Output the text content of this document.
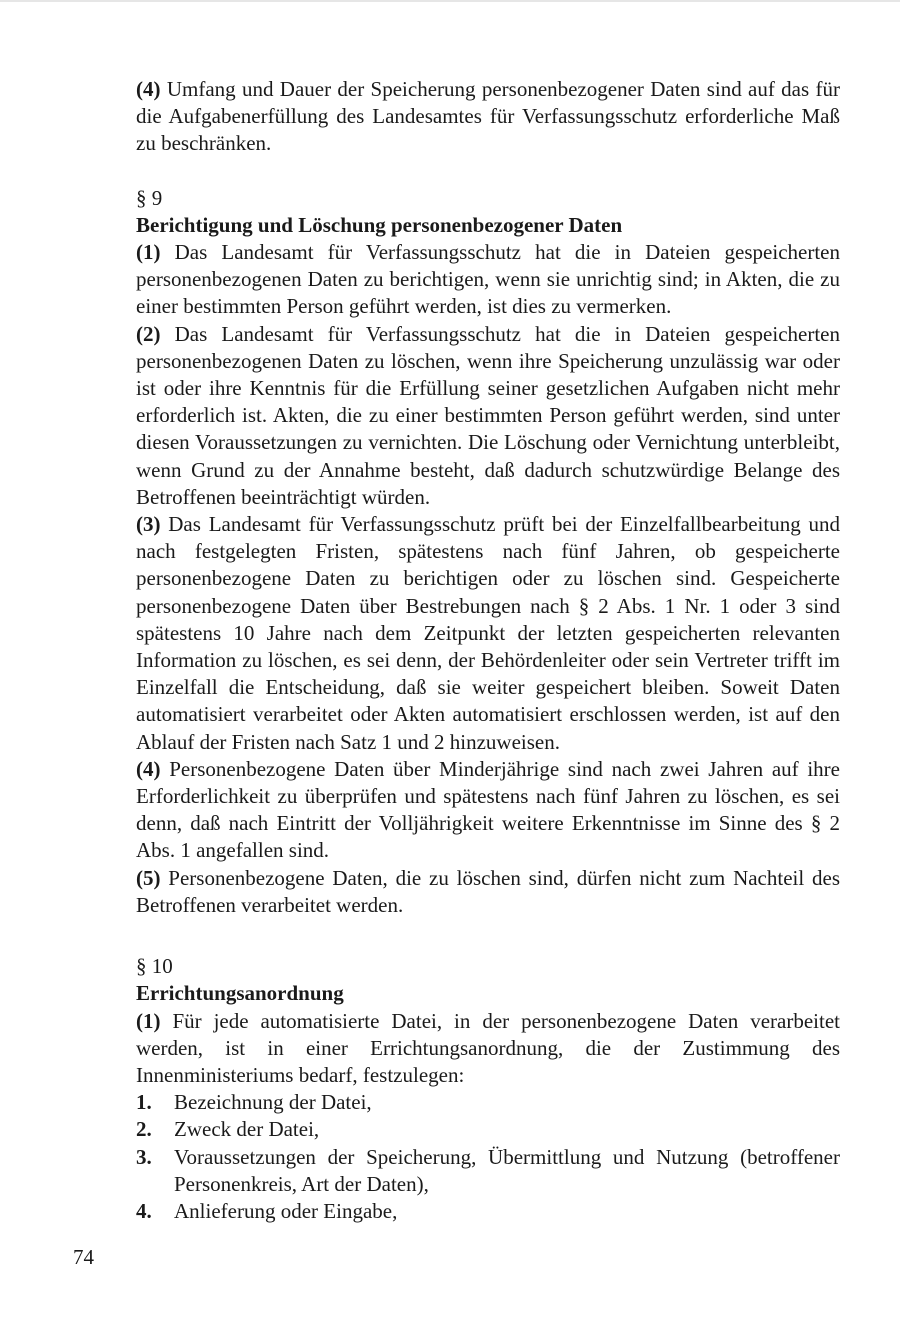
(4) Umfang und Dauer der Speicherung personenbezogener Daten sind auf das für die Aufgabenerfüllung des Landesamtes für Verfassungsschutz erforderliche Maß zu beschränken.

§ 9

Berichtigung und Löschung personenbezogener Daten

(1) Das Landesamt für Verfassungsschutz hat die in Dateien gespeicherten personenbezogenen Daten zu berichtigen, wenn sie unrichtig sind; in Akten, die zu einer bestimmten Person geführt werden, ist dies zu vermerken.

(2) Das Landesamt für Verfassungsschutz hat die in Dateien gespeicherten personenbezogenen Daten zu löschen, wenn ihre Speicherung unzulässig war oder ist oder ihre Kenntnis für die Erfüllung seiner gesetzlichen Aufgaben nicht mehr erforderlich ist. Akten, die zu einer bestimmten Person geführt werden, sind unter diesen Voraussetzungen zu vernichten. Die Löschung oder Vernichtung unterbleibt, wenn Grund zu der Annahme besteht, daß dadurch schutzwürdige Belange des Betroffenen beeinträchtigt würden.

(3) Das Landesamt für Verfassungsschutz prüft bei der Einzelfallbearbeitung und nach festgelegten Fristen, spätestens nach fünf Jahren, ob gespeicherte personenbezogene Daten zu berichtigen oder zu löschen sind. Gespeicherte personenbezogene Daten über Bestrebungen nach § 2 Abs. 1 Nr. 1 oder 3 sind spätestens 10 Jahre nach dem Zeitpunkt der letzten gespeicherten relevanten Information zu löschen, es sei denn, der Behördenleiter oder sein Vertreter trifft im Einzelfall die Entscheidung, daß sie weiter gespeichert bleiben. Soweit Daten automatisiert verarbeitet oder Akten automatisiert erschlossen werden, ist auf den Ablauf der Fristen nach Satz 1 und 2 hinzuweisen.

(4) Personenbezogene Daten über Minderjährige sind nach zwei Jahren auf ihre Erforderlichkeit zu überprüfen und spätestens nach fünf Jahren zu löschen, es sei denn, daß nach Eintritt der Volljährigkeit weitere Erkenntnisse im Sinne des § 2 Abs. 1 angefallen sind.

(5) Personenbezogene Daten, die zu löschen sind, dürfen nicht zum Nachteil des Betroffenen verarbeitet werden.

§ 10

Errichtungsanordnung

(1) Für jede automatisierte Datei, in der personenbezogene Daten verarbeitet werden, ist in einer Errichtungsanordnung, die der Zustimmung des Innenministeriums bedarf, festzulegen:

1.	Bezeichnung der Datei,
2.	Zweck der Datei,
3.	Voraussetzungen der Speicherung, Übermittlung und Nutzung (betroffener Personenkreis, Art der Daten),
4.	Anlieferung oder Eingabe,
74
